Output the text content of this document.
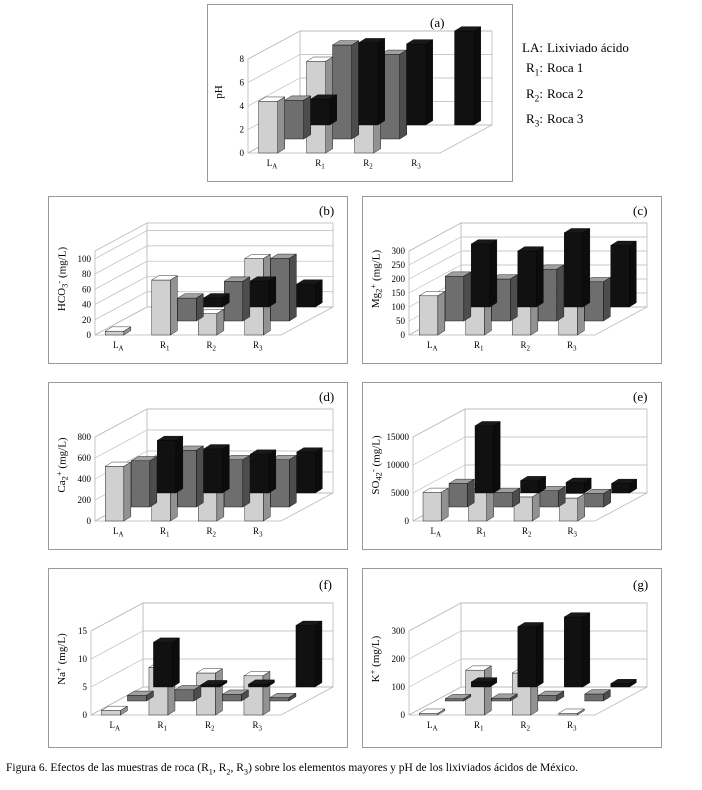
0
2
4
6
8
$L_A$	$R_1$	$R_2$	$R_3$
pH
(a)
LA:	Lixiviado ácido
$R_1$:	Roca 1
$R_2$:	Roca 2
$R_3$:	Roca 3
0
20
40
60
80
100
$L_A$	$R_1$	$R_2$	$R_3$
$HCO_3^-$ (mg/L)
(b)
0
50
100
150
200
250
300
$L_A$	$R_1$	$R_2$	$R_3$
$Mg_2^+$ (mg/L)
(c)
0
200
400
600
800
$L_A$	$R_1$	$R_2$	$R_3$
$Ca_2^+$ (mg/L)
(d)
0
5000
10000
15000
$L_A$	$R_1$	$R_2$	$R_3$
$SO_{42}^-$ (mg/L)
(e)
0
5
10
15
$L_A$	$R_1$	$R_2$	$R_3$
Na+ (mg/L)
(f)
0
100
200
300
$L_A$	$R_1$	$R_2$	$R_3$
K+ (mg/L)
(g)
Figura 6. Efectos de las muestras de roca ($R_1$, $R_2$, $R_3$) sobre los elementos mayores y pH de los lixiviados ácidos de México.
